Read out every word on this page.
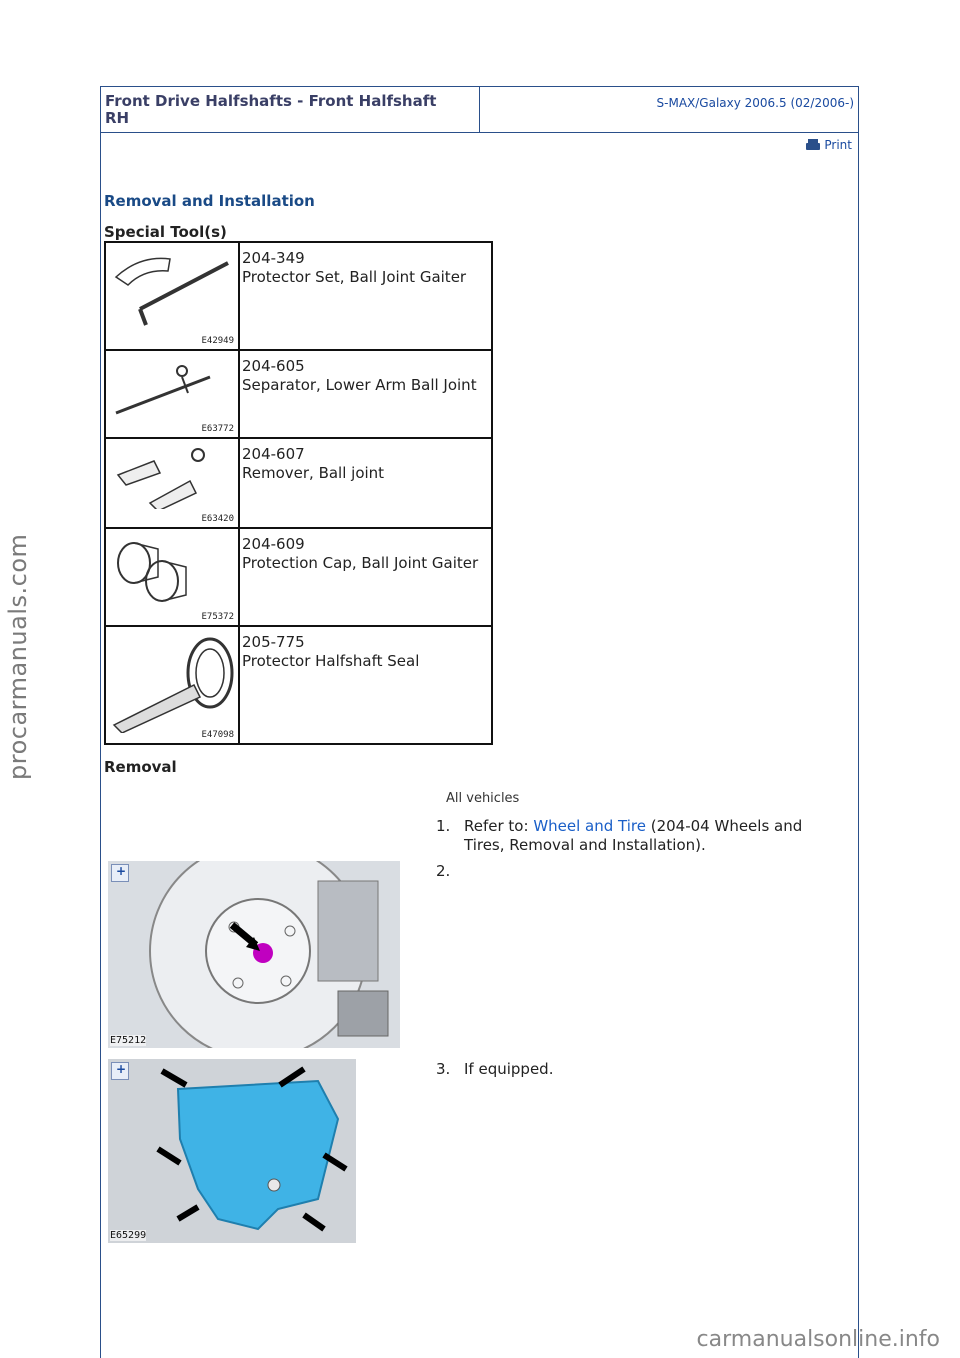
Front Drive Halfshafts - Front Halfshaft
RH
S-MAX/Galaxy 2006.5 (02/2006-)
Print
Removal and Installation
Special Tool(s)
E42949	204-349
Protector Set, Ball Joint Gaiter

E63772	204-605
Separator, Lower Arm Ball Joint

E63420	204-607
Remover, Ball joint

E75372	204-609
Protection Cap, Ball Joint Gaiter

E47098	205-775
Protector Halfshaft Seal
Removal
All vehicles
1. Refer to: Wheel and Tire (204-04 Wheels and Tires, Removal and Installation).
2.
3. If equipped.
+
E75212
+
E65299
procarmanuals.com
carmanualsonline.info
